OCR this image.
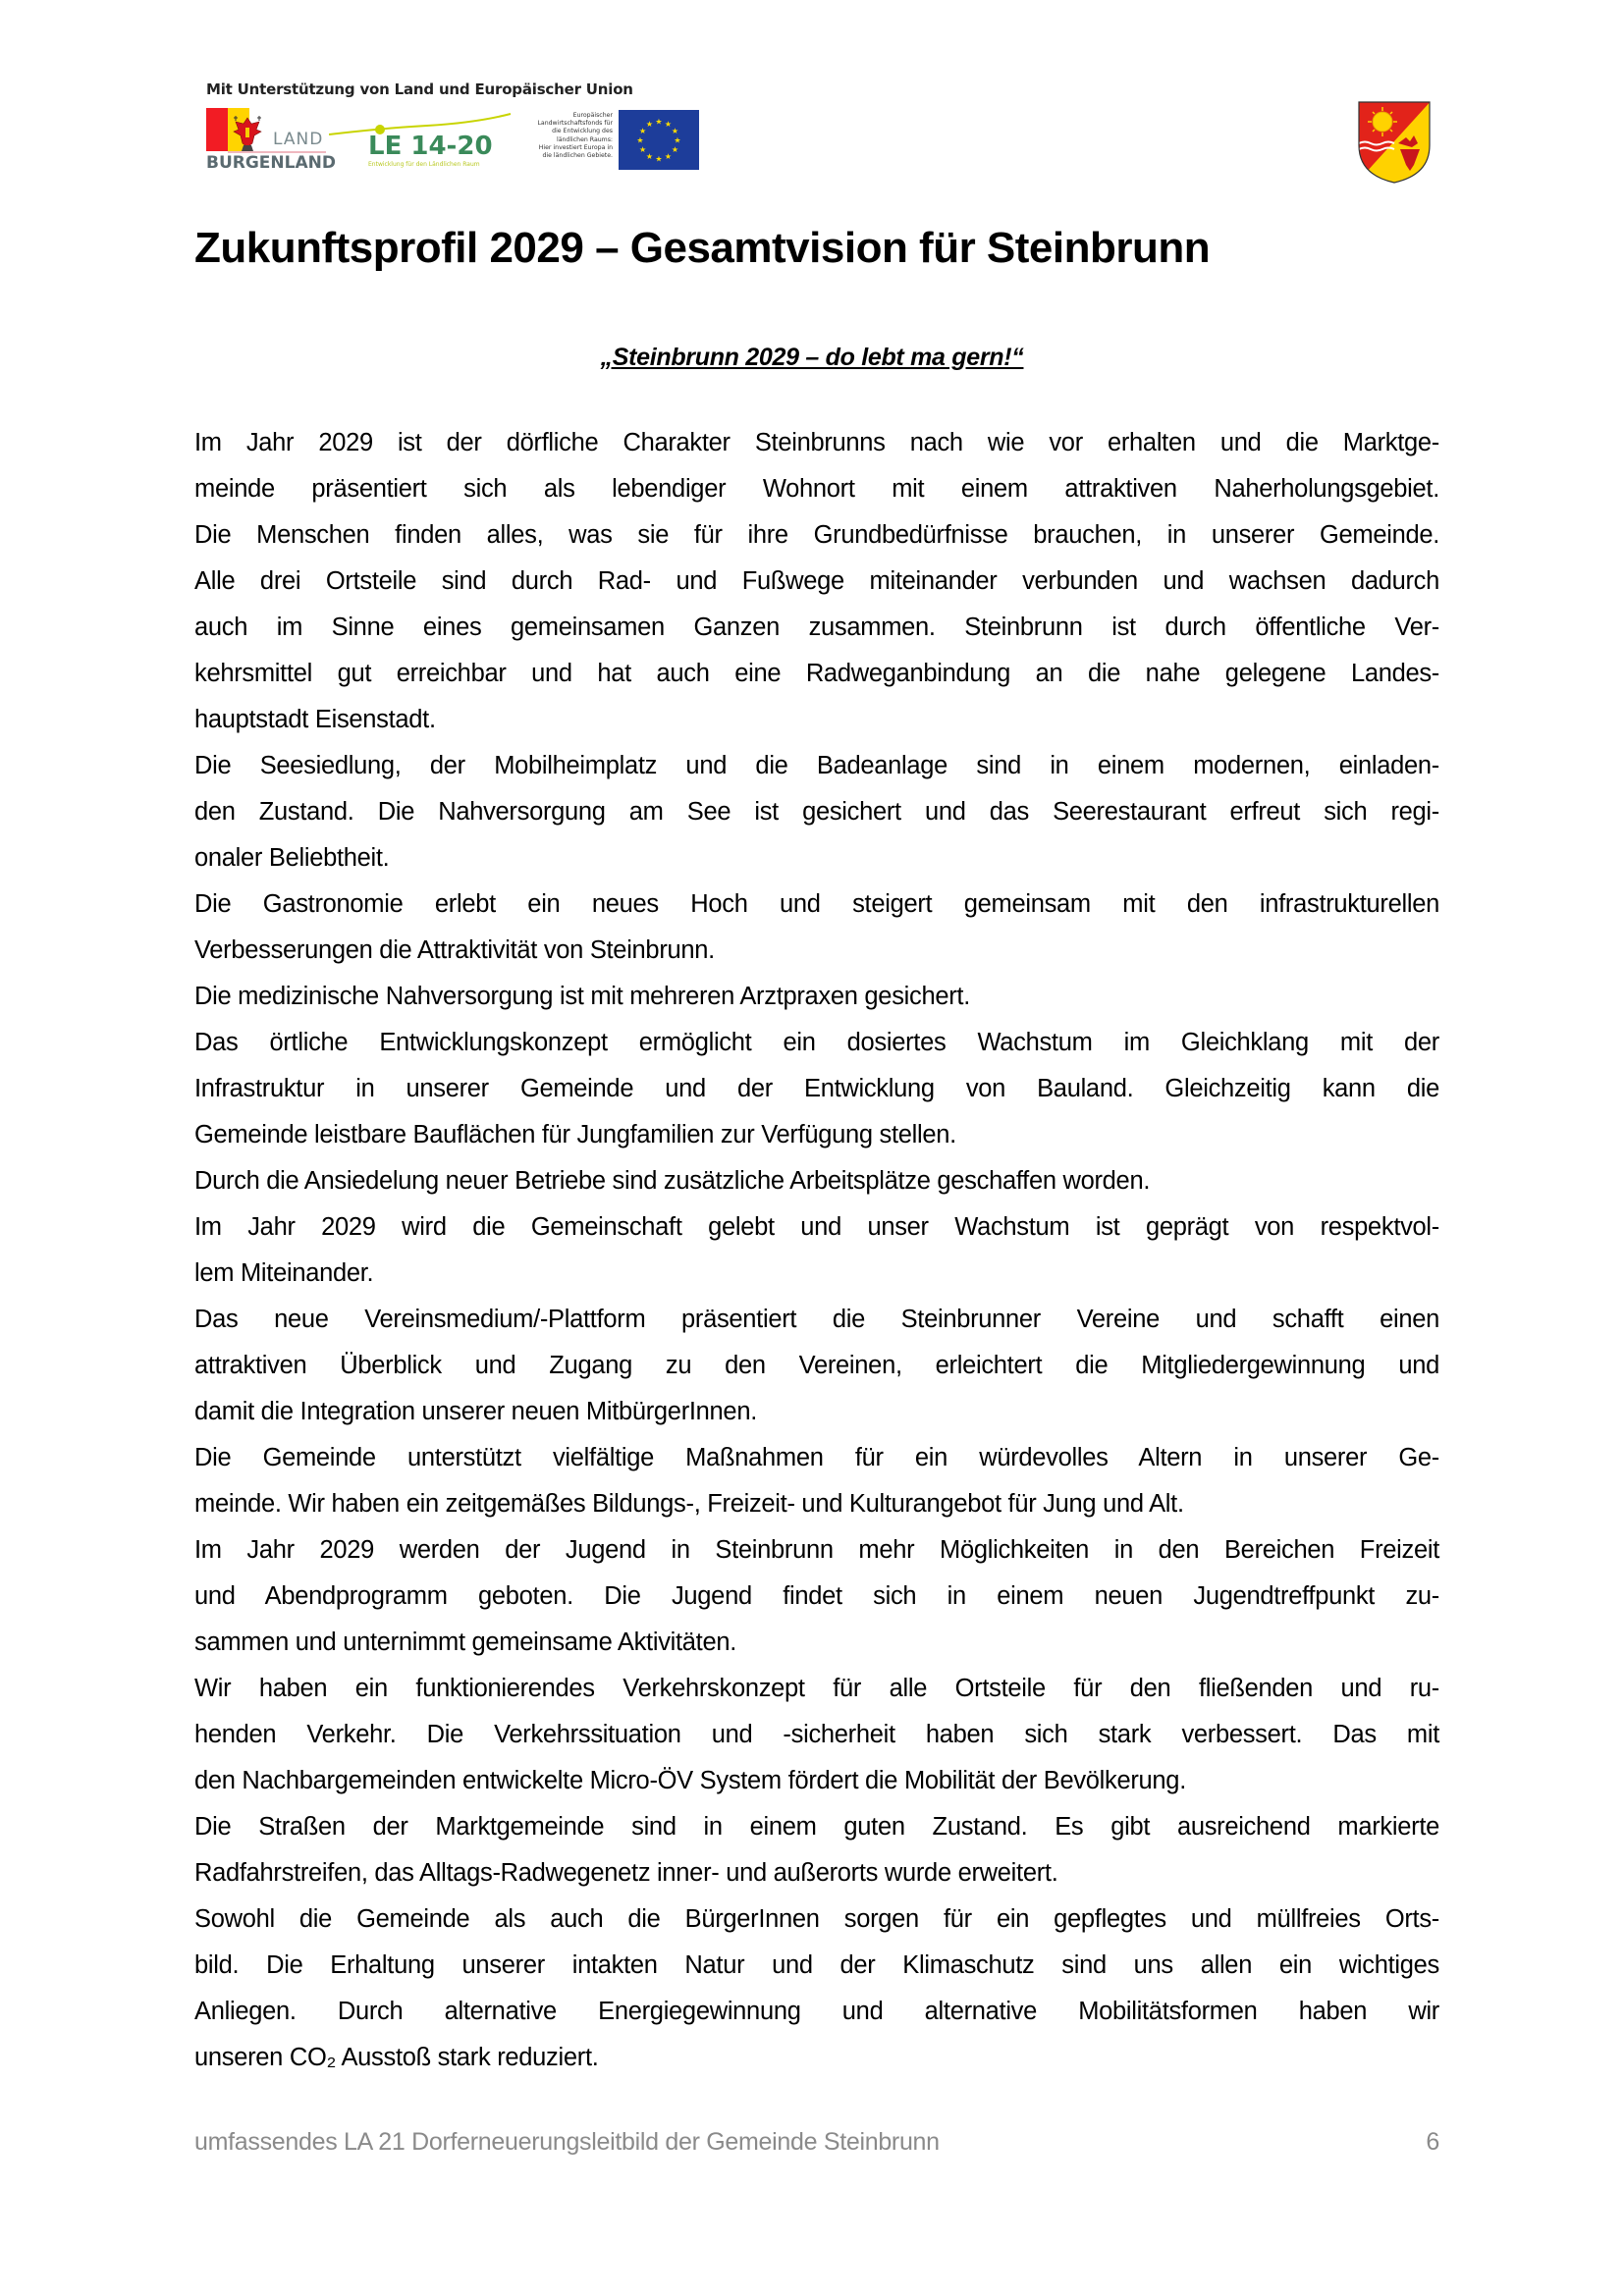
Mit Unterstützung von Land und Europäischer Union
LAND
BURGENLAND
LE 14-20
Entwicklung für den Ländlichen Raum
Europäischer
Landwirtschaftsfonds für
die Entwicklung des
ländlichen Raums:
Hier investiert Europa in
die ländlichen Gebiete.
★
★
★
★
★
★
★
★
★ ★ ★
★
Zukunftsprofil 2029 – Gesamtvision für Steinbrunn
„Steinbrunn 2029 – do lebt ma gern!“

Im Jahr 2029 ist der dörfliche Charakter Steinbrunns nach wie vor erhalten und die Marktge-
meinde präsentiert sich als lebendiger Wohnort mit einem attraktiven Naherholungsgebiet.
Die Menschen finden alles, was sie für ihre Grundbedürfnisse brauchen, in unserer Gemeinde.
Alle drei Ortsteile sind durch Rad- und Fußwege miteinander verbunden und wachsen dadurch
auch im Sinne eines gemeinsamen Ganzen zusammen. Steinbrunn ist durch öffentliche Ver-
kehrsmittel gut erreichbar und hat auch eine Radweganbindung an die nahe gelegene Landes-
hauptstadt Eisenstadt.

Die Seesiedlung, der Mobilheimplatz und die Badeanlage sind in einem modernen, einladen-
den Zustand. Die Nahversorgung am See ist gesichert und das Seerestaurant erfreut sich regi-
onaler Beliebtheit.

Die Gastronomie erlebt ein neues Hoch und steigert gemeinsam mit den infrastrukturellen
Verbesserungen die Attraktivität von Steinbrunn.

Die medizinische Nahversorgung ist mit mehreren Arztpraxen gesichert.

Das örtliche Entwicklungskonzept ermöglicht ein dosiertes Wachstum im Gleichklang mit der
Infrastruktur in unserer Gemeinde und der Entwicklung von Bauland. Gleichzeitig kann die
Gemeinde leistbare Bauflächen für Jungfamilien zur Verfügung stellen.

Durch die Ansiedelung neuer Betriebe sind zusätzliche Arbeitsplätze geschaffen worden.

Im Jahr 2029 wird die Gemeinschaft gelebt und unser Wachstum ist geprägt von respektvol-
lem Miteinander.

Das neue Vereinsmedium/-Plattform präsentiert die Steinbrunner Vereine und schafft einen
attraktiven Überblick und Zugang zu den Vereinen, erleichtert die Mitgliedergewinnung und
damit die Integration unserer neuen MitbürgerInnen.

Die Gemeinde unterstützt vielfältige Maßnahmen für ein würdevolles Altern in unserer Ge-
meinde. Wir haben ein zeitgemäßes Bildungs-, Freizeit- und Kulturangebot für Jung und Alt.

Im Jahr 2029 werden der Jugend in Steinbrunn mehr Möglichkeiten in den Bereichen Freizeit
und Abendprogramm geboten. Die Jugend findet sich in einem neuen Jugendtreffpunkt zu-
sammen und unternimmt gemeinsame Aktivitäten.

Wir haben ein funktionierendes Verkehrskonzept für alle Ortsteile für den fließenden und ru-
henden Verkehr. Die Verkehrssituation und -sicherheit haben sich stark verbessert. Das mit
den Nachbargemeinden entwickelte Micro-ÖV System fördert die Mobilität der Bevölkerung.

Die Straßen der Marktgemeinde sind in einem guten Zustand. Es gibt ausreichend markierte
Radfahrstreifen, das Alltags-Radwegenetz inner- und außerorts wurde erweitert.

Sowohl die Gemeinde als auch die BürgerInnen sorgen für ein gepflegtes und müllfreies Orts-
bild. Die Erhaltung unserer intakten Natur und der Klimaschutz sind uns allen ein wichtiges
Anliegen. Durch alternative Energiegewinnung und alternative Mobilitätsformen haben wir
unseren CO₂ Ausstoß stark reduziert.

umfassendes LA 21 Dorferneuerungsleitbild der Gemeinde Steinbrunn	6
